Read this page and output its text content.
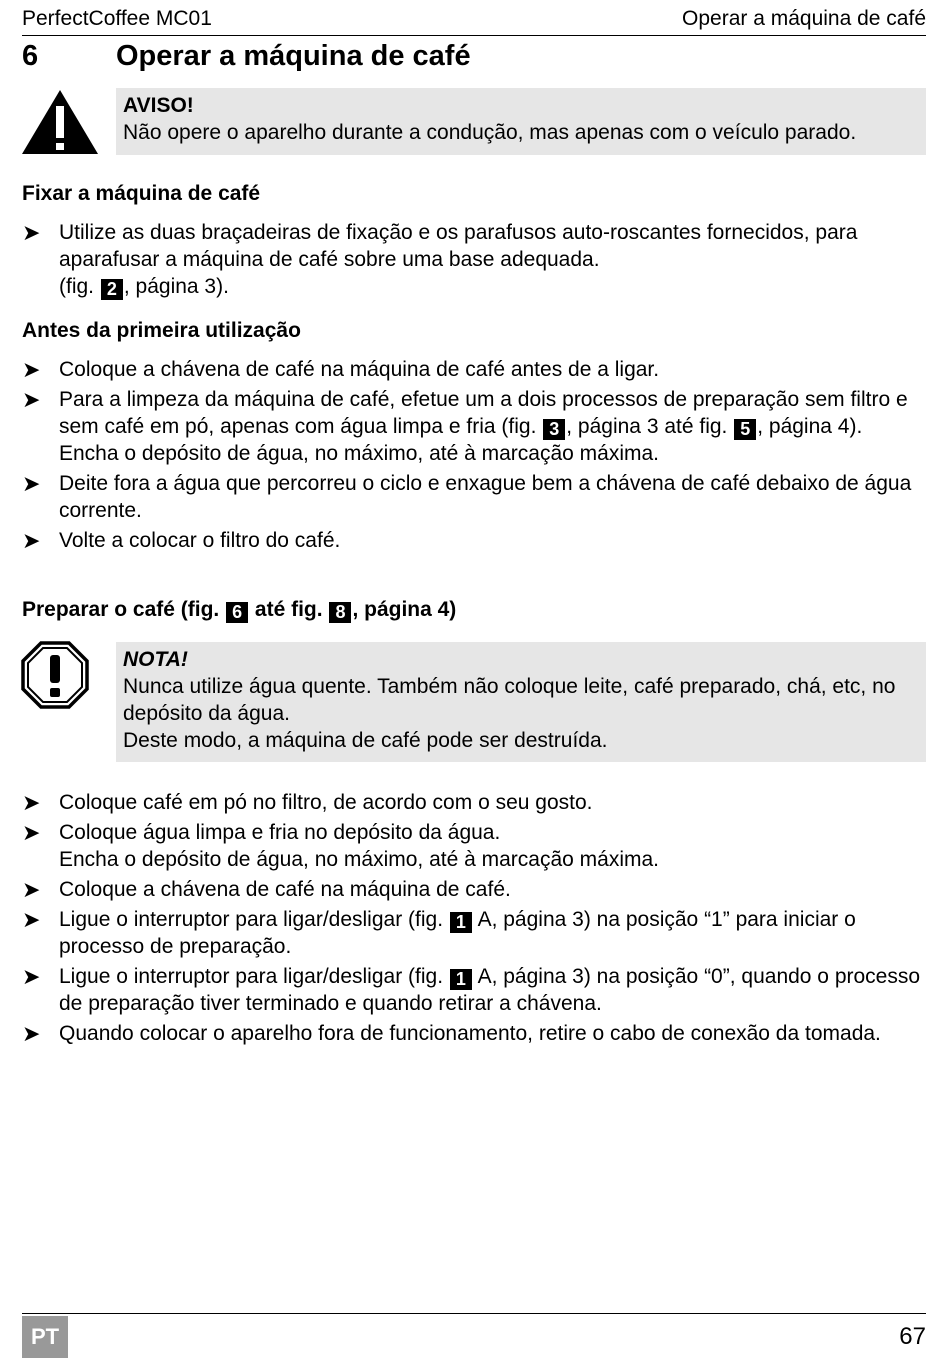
PerfectCoffee MC01	Operar a máquina de café
6	Operar a máquina de café
AVISO!
Não opere o aparelho durante a condução, mas apenas com o veículo parado.
Fixar a máquina de café
➤ Utilize as duas braçadeiras de fixação e os parafusos auto-roscantes fornecidos, para aparafusar a máquina de café sobre uma base adequada.
(fig. 2 , página 3).
Antes da primeira utilização
➤ Coloque a chávena de café na máquina de café antes de a ligar.
➤ Para a limpeza da máquina de café, efetue um a dois processos de preparação sem filtro e sem café em pó, apenas com água limpa e fria (fig. 3 , página 3 até fig. 5 , página 4).
Encha o depósito de água, no máximo, até à marcação máxima.
➤ Deite fora a água que percorreu o ciclo e enxague bem a chávena de café debaixo de água corrente.
➤ Volte a colocar o filtro do café.
Preparar o café (fig. 6 até fig. 8 , página 4)
NOTA!
Nunca utilize água quente. Também não coloque leite, café preparado, chá, etc, no depósito da água.
Deste modo, a máquina de café pode ser destruída.
➤ Coloque café em pó no filtro, de acordo com o seu gosto.
➤ Coloque água limpa e fria no depósito da água.
Encha o depósito de água, no máximo, até à marcação máxima.
➤ Coloque a chávena de café na máquina de café.
➤ Ligue o interruptor para ligar/desligar (fig. 1 A, página 3) na posição “1” para iniciar o processo de preparação.
➤ Ligue o interruptor para ligar/desligar (fig. 1 A, página 3) na posição “0”, quando o processo de preparação tiver terminado e quando retirar a chávena.
➤ Quando colocar o aparelho fora de funcionamento, retire o cabo de conexão da tomada.
PT	67
